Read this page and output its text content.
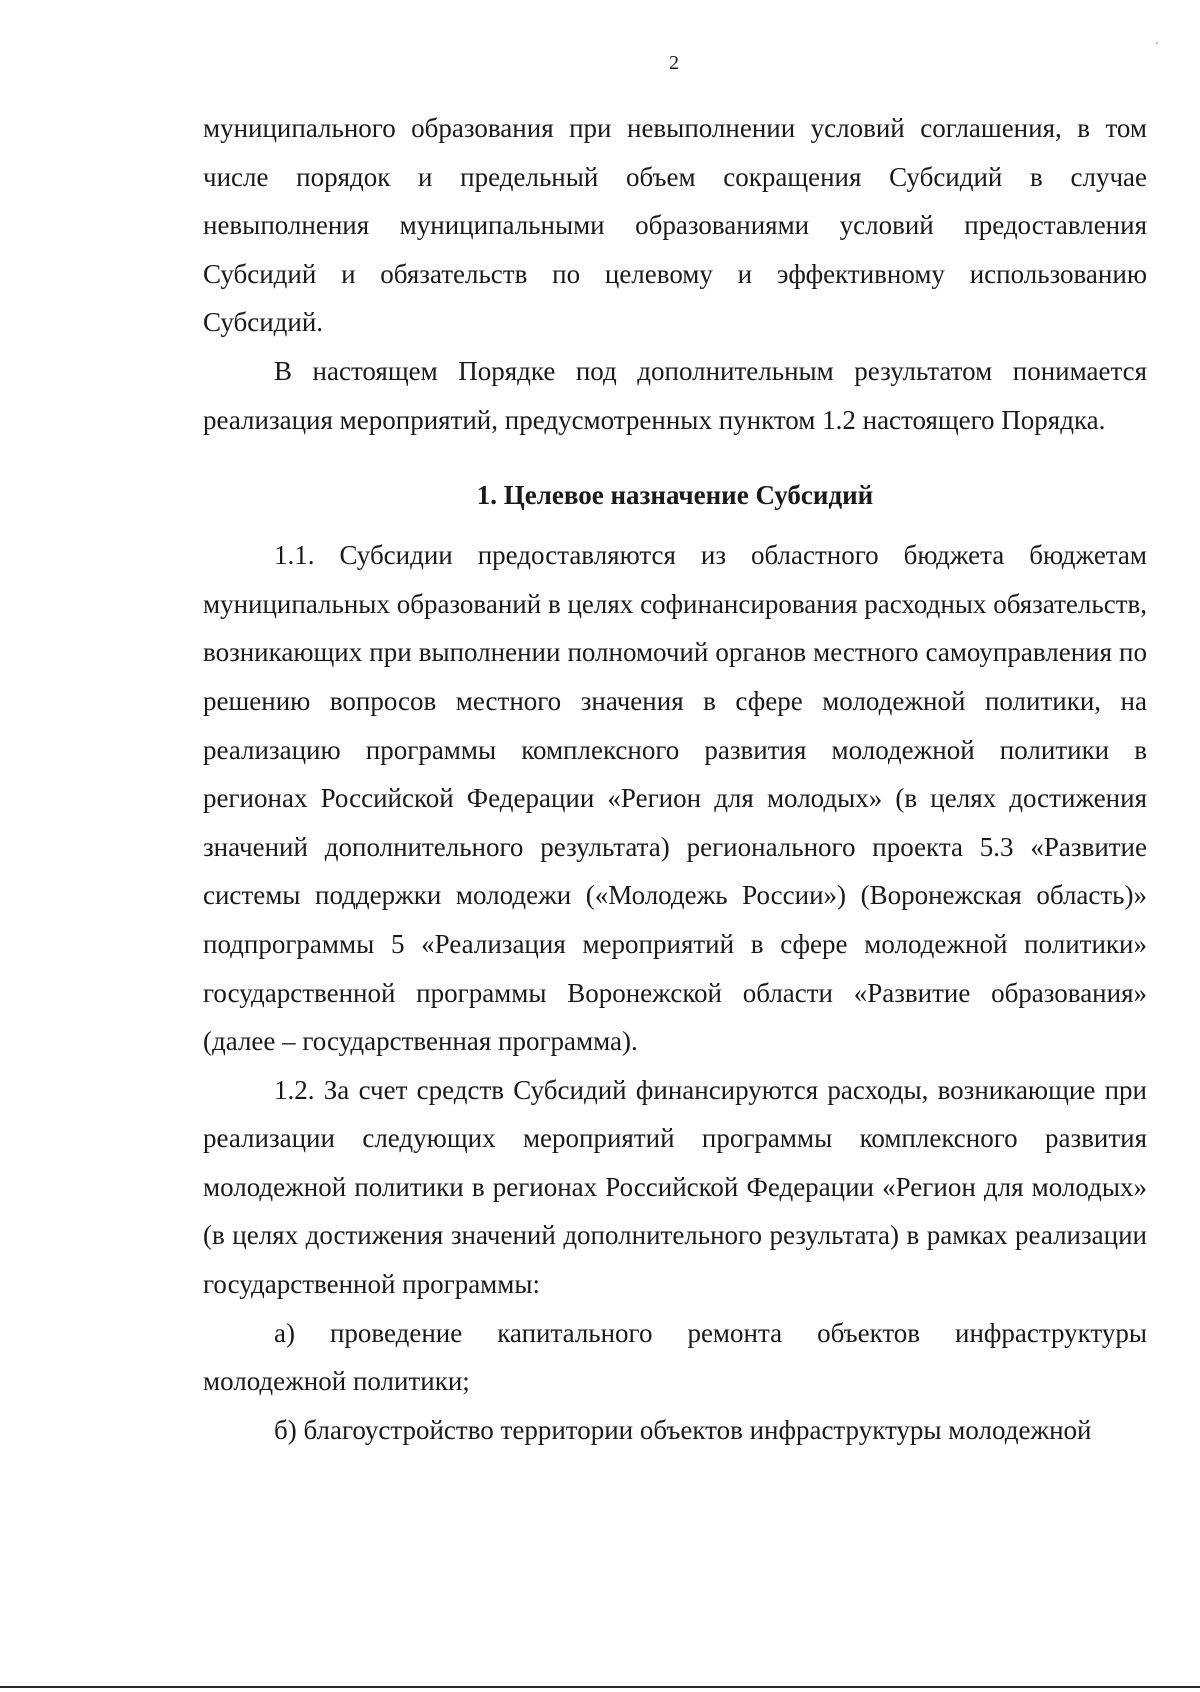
2

муниципального образования при невыполнении условий соглашения, в том числе порядок и предельный объем сокращения Субсидий в случае невыполнения муниципальными образованиями условий предоставления Субсидий и обязательств по целевому и эффективному использованию Субсидий.

В настоящем Порядке под дополнительным результатом понимается реализация мероприятий, предусмотренных пунктом 1.2 настоящего Порядка.

1. Целевое назначение Субсидий

1.1. Субсидии предоставляются из областного бюджета бюджетам муниципальных образований в целях софинансирования расходных обязательств, возникающих при выполнении полномочий органов местного самоуправления по решению вопросов местного значения в сфере молодежной политики, на реализацию программы комплексного развития молодежной политики в регионах Российской Федерации «Регион для молодых» (в целях достижения значений дополнительного результата) регионального проекта 5.3 «Развитие системы поддержки молодежи («Молодежь России») (Воронежская область)» подпрограммы 5 «Реализация мероприятий в сфере молодежной политики» государственной программы Воронежской области «Развитие образования» (далее – государственная программа).

1.2. За счет средств Субсидий финансируются расходы, возникающие при реализации следующих мероприятий программы комплексного развития молодежной политики в регионах Российской Федерации «Регион для молодых» (в целях достижения значений дополнительного результата) в рамках реализации государственной программы:

а) проведение капитального ремонта объектов инфраструктуры молодежной политики;

б) благоустройство территории объектов инфраструктуры молодежной
